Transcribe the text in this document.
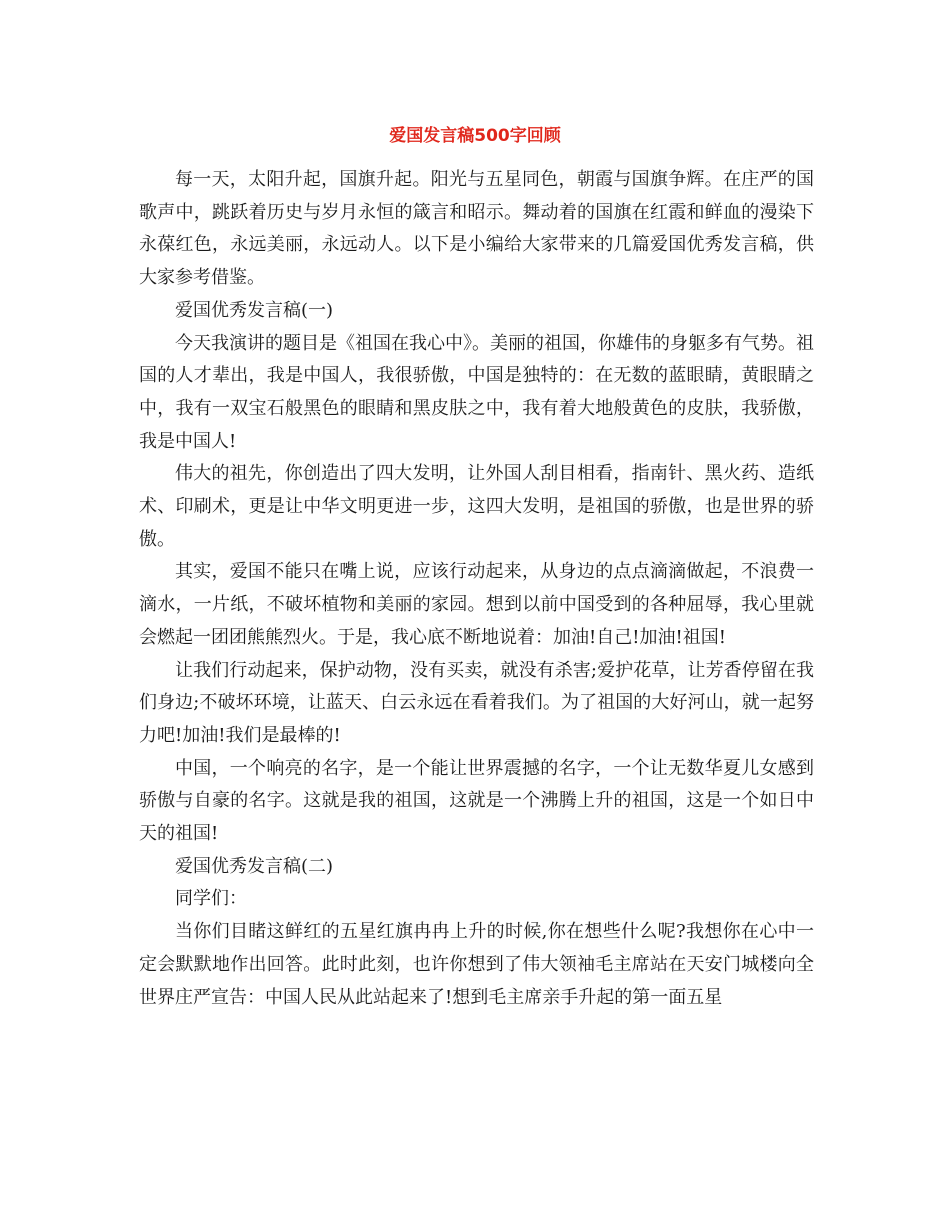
爱国发言稿500字回顾

每一天，太阳升起，国旗升起。阳光与五星同色，朝霞与国旗争辉。在庄严的国歌声中，跳跃着历史与岁月永恒的箴言和昭示。舞动着的国旗在红霞和鲜血的漫染下永葆红色，永远美丽，永远动人。以下是小编给大家带来的几篇爱国优秀发言稿，供大家参考借鉴。

爱国优秀发言稿(一)

今天我演讲的题目是《祖国在我心中》。美丽的祖国，你雄伟的身躯多有气势。祖国的人才辈出，我是中国人，我很骄傲，中国是独特的：在无数的蓝眼睛，黄眼睛之中，我有一双宝石般黑色的眼睛和黑皮肤之中，我有着大地般黄色的皮肤，我骄傲，我是中国人!

伟大的祖先，你创造出了四大发明，让外国人刮目相看，指南针、黑火药、造纸术、印刷术，更是让中华文明更进一步，这四大发明，是祖国的骄傲，也是世界的骄傲。

其实，爱国不能只在嘴上说，应该行动起来，从身边的点点滴滴做起，不浪费一滴水，一片纸，不破坏植物和美丽的家园。想到以前中国受到的各种屈辱，我心里就会燃起一团团熊熊烈火。于是，我心底不断地说着：加油!自己!加油!祖国!

让我们行动起来，保护动物，没有买卖，就没有杀害;爱护花草，让芳香停留在我们身边;不破坏环境，让蓝天、白云永远在看着我们。为了祖国的大好河山，就一起努力吧!加油!我们是最棒的!

中国，一个响亮的名字，是一个能让世界震撼的名字，一个让无数华夏儿女感到骄傲与自豪的名字。这就是我的祖国，这就是一个沸腾上升的祖国，这是一个如日中天的祖国!

爱国优秀发言稿(二)

同学们：

当你们目睹这鲜红的五星红旗冉冉上升的时候,你在想些什么呢?我想你在心中一定会默默地作出回答。此时此刻，也许你想到了伟大领袖毛主席站在天安门城楼向全世界庄严宣告：中国人民从此站起来了!想到毛主席亲手升起的第一面五星
